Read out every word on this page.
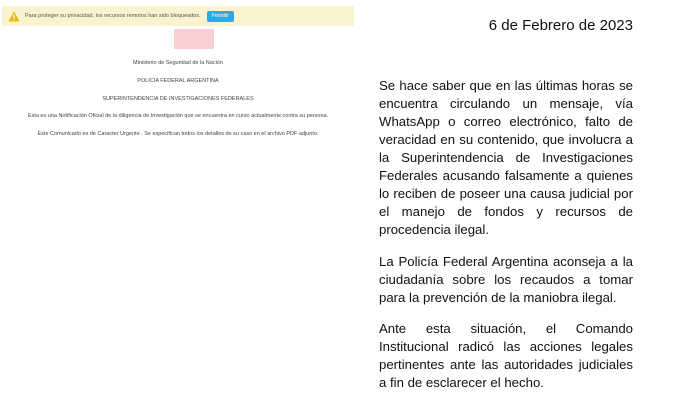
Para proteger su privacidad, los recursos remotos han sido bloqueados.	Permitir
Ministerio de Seguridad de la Nación
POLICIA FEDERAL ARGENTINA
SUPERINTENDENCIA DE INVESTIGACIONES FEDERALES
Esta es una Notificación Oficial de la diligencia de Investigación que se encuentra en curso actualmente contra su persona.
Este Comunicado es de Caracter Urgente . Se especifican todos los detalles de su caso en el archivo PDF adjunto.
6 de Febrero de 2023

Se hace saber que en las últimas horas se encuentra circulando un mensaje, vía WhatsApp o correo electrónico, falto de veracidad en su contenido, que involucra a la Superintendencia de Investigaciones Federales acusando falsamente a quienes lo reciben de poseer una causa judicial por el manejo de fondos y recursos de procedencia ilegal.

La Policía Federal Argentina aconseja a la ciudadanía sobre los recaudos a tomar para la prevención de la maniobra ilegal.

Ante esta situación, el Comando Institucional radicó las acciones legales pertinentes ante las autoridades judiciales a fin de esclarecer el hecho.
